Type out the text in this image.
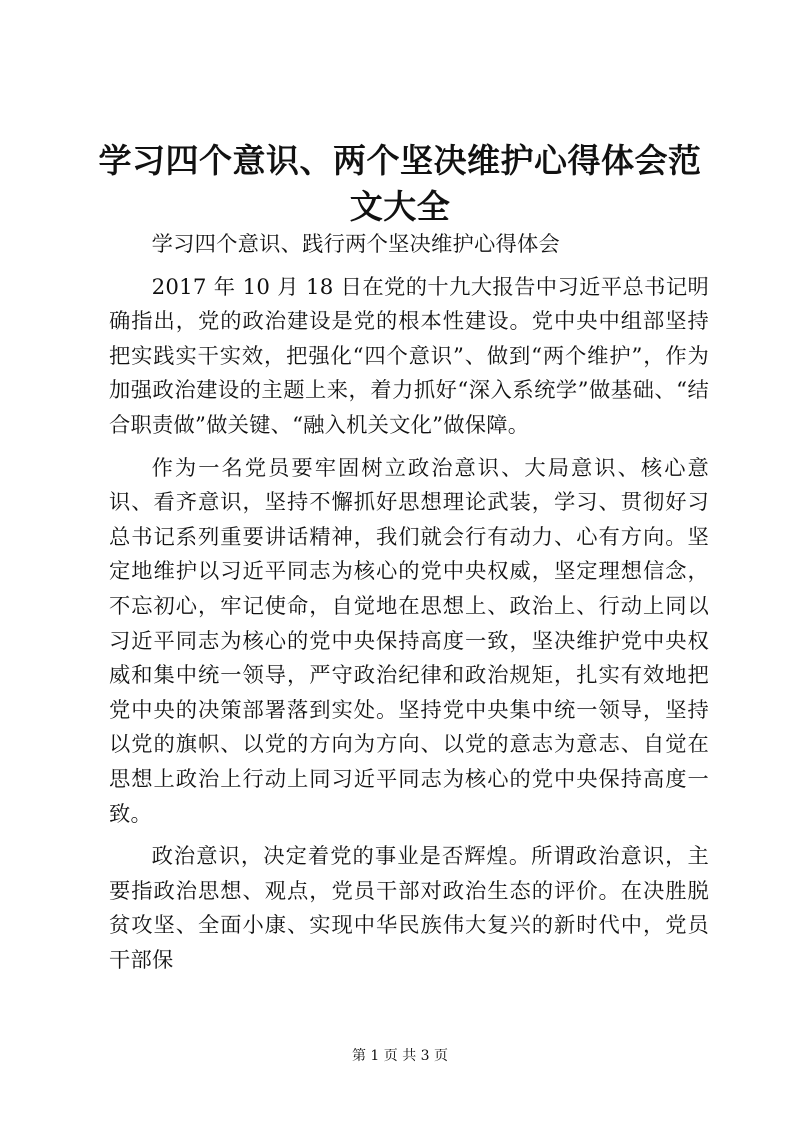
学习四个意识、两个坚决维护心得体会范文大全

学习四个意识、践行两个坚决维护心得体会

2017 年 10 月 18 日在党的十九大报告中习近平总书记明确指出，党的政治建设是党的根本性建设。党中央中组部坚持把实践实干实效，把强化“四个意识”、做到“两个维护”，作为加强政治建设的主题上来，着力抓好“深入系统学”做基础、“结合职责做”做关键、“融入机关文化”做保障。

作为一名党员要牢固树立政治意识、大局意识、核心意识、看齐意识，坚持不懈抓好思想理论武装，学习、贯彻好习总书记系列重要讲话精神，我们就会行有动力、心有方向。坚定地维护以习近平同志为核心的党中央权威，坚定理想信念，不忘初心，牢记使命，自觉地在思想上、政治上、行动上同以习近平同志为核心的党中央保持高度一致，坚决维护党中央权威和集中统一领导，严守政治纪律和政治规矩，扎实有效地把党中央的决策部署落到实处。坚持党中央集中统一领导，坚持以党的旗帜、以党的方向为方向、以党的意志为意志、自觉在思想上政治上行动上同习近平同志为核心的党中央保持高度一致。

政治意识，决定着党的事业是否辉煌。所谓政治意识，主要指政治思想、观点，党员干部对政治生态的评价。在决胜脱贫攻坚、全面小康、实现中华民族伟大复兴的新时代中，党员干部保

第 1 页 共 3 页
